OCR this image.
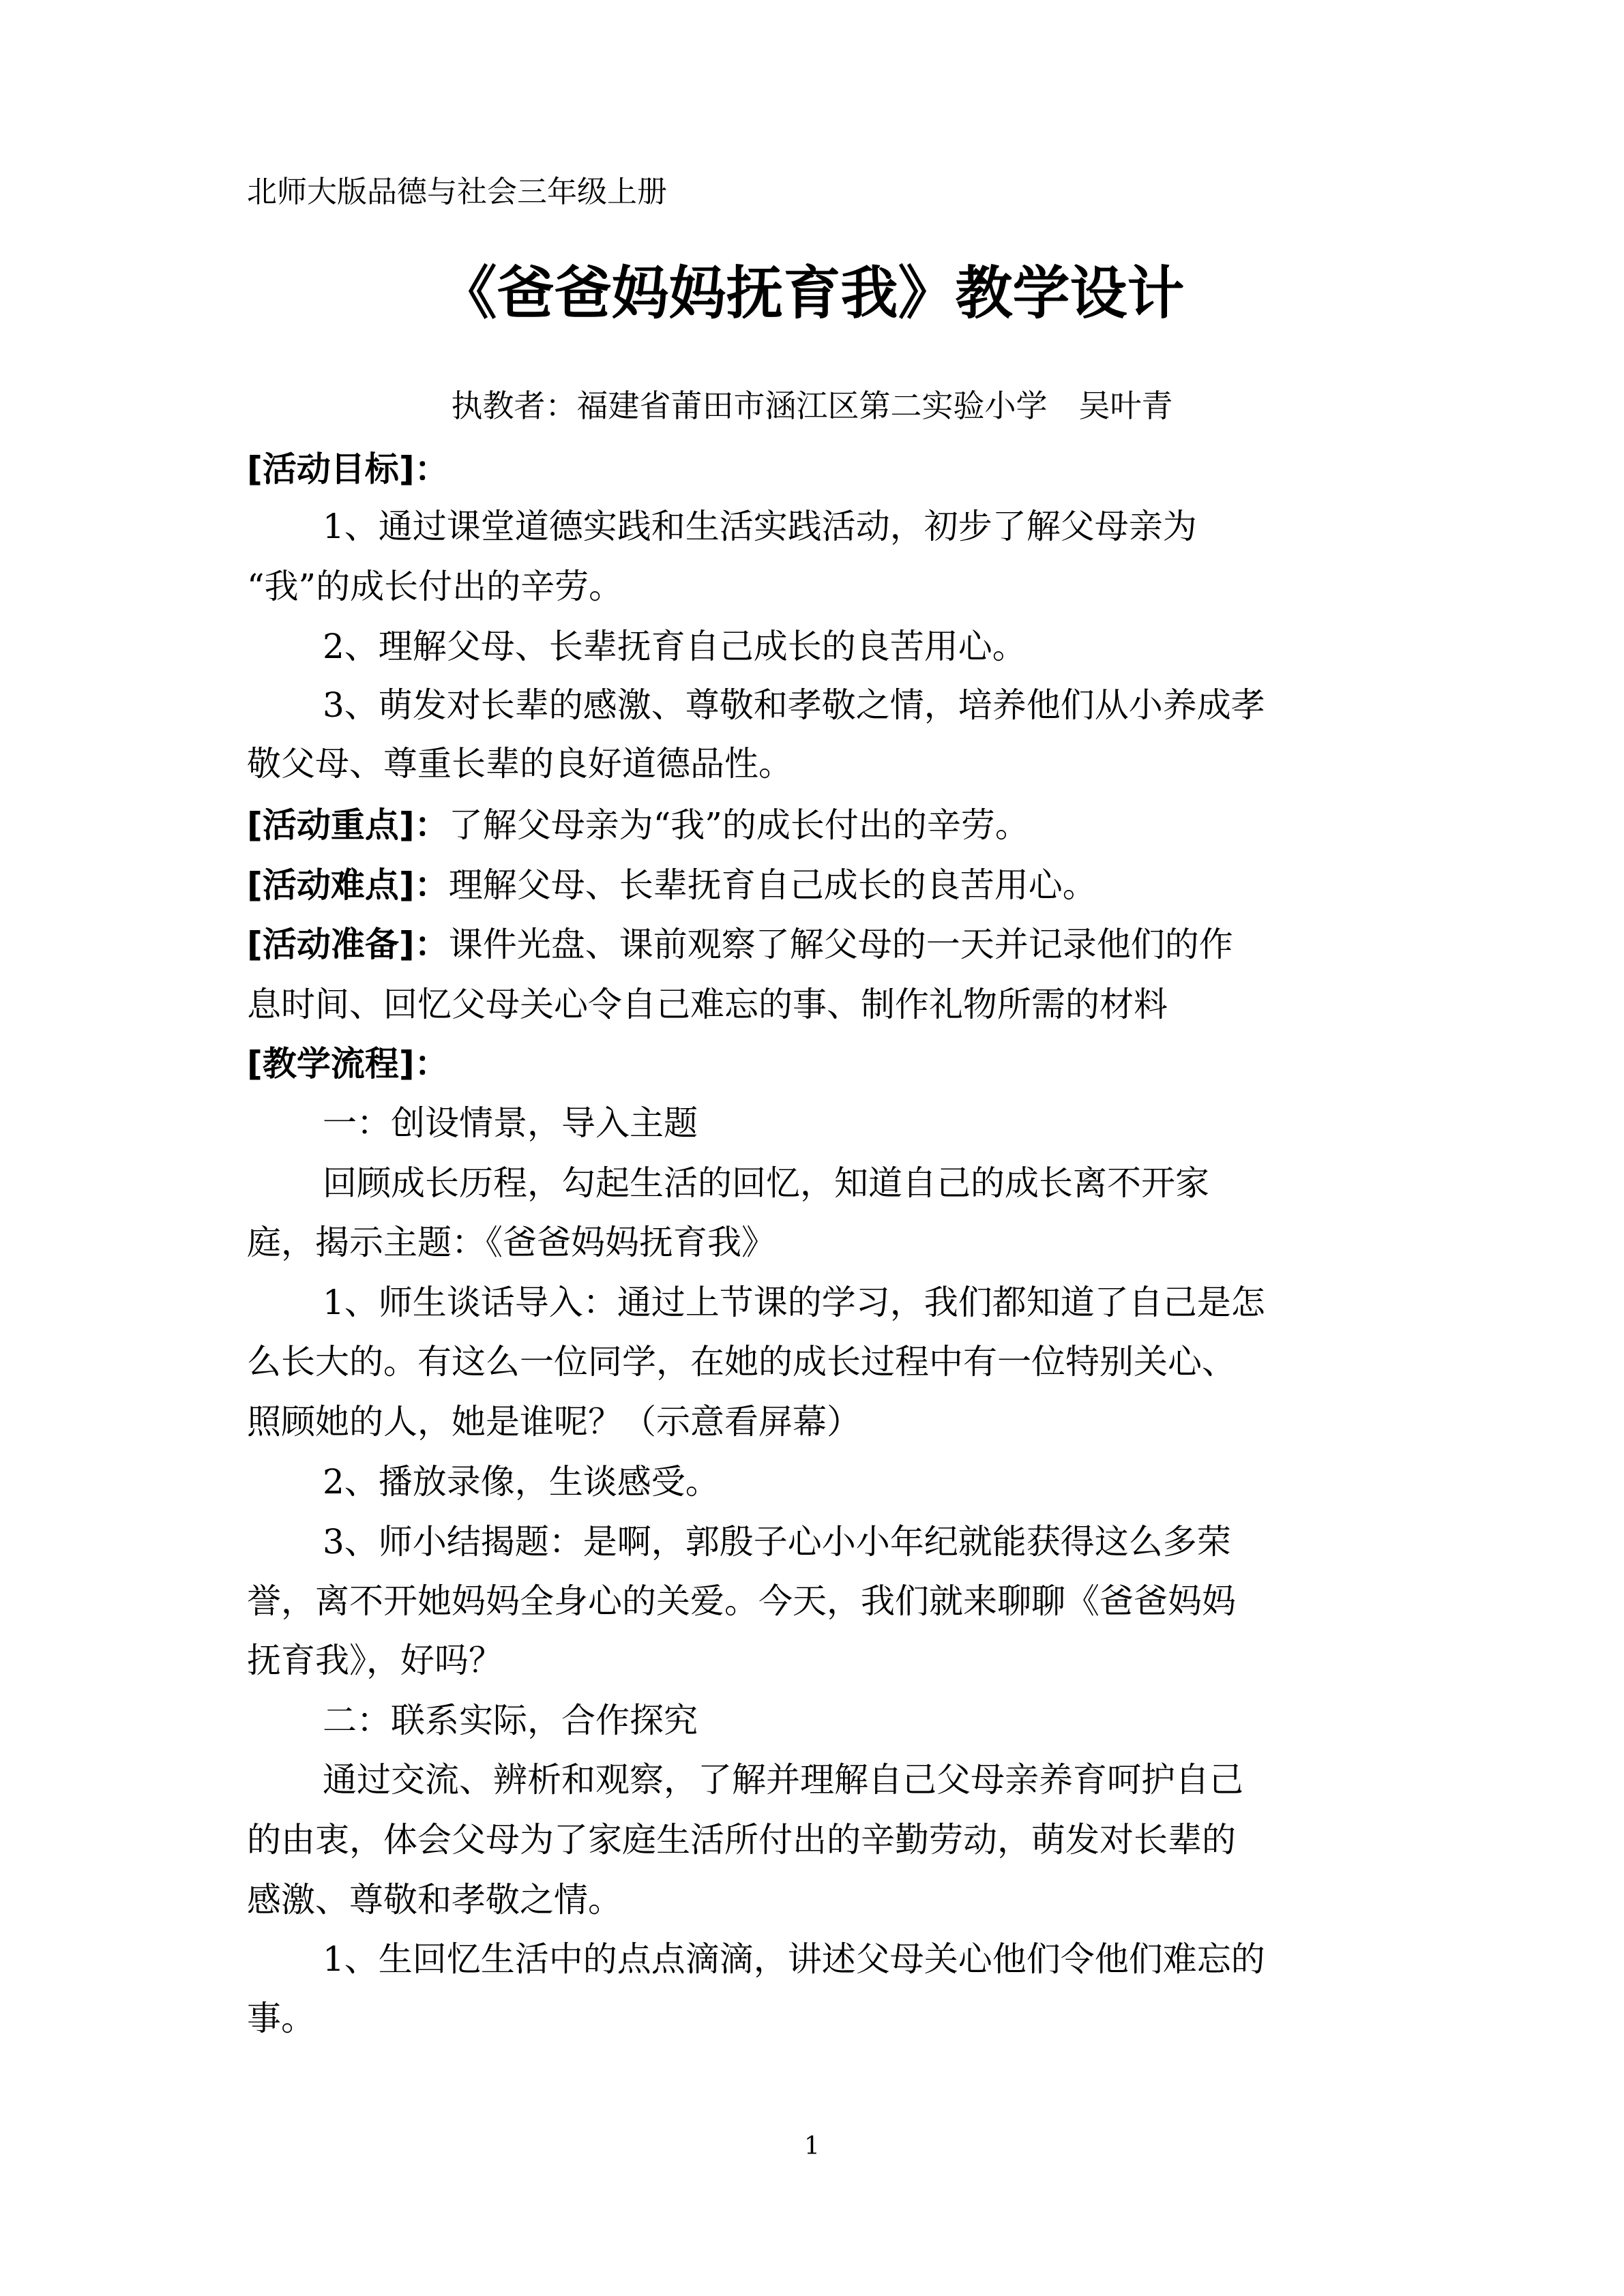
北师大版品德与社会三年级上册
《爸爸妈妈抚育我》教学设计
执教者：福建省莆田市涵江区第二实验小学　吴叶青
[活动目标]：
1、通过课堂道德实践和生活实践活动，初步了解父母亲为
“我”的成长付出的辛劳。
2、理解父母、长辈抚育自己成长的良苦用心。
3、萌发对长辈的感激、尊敬和孝敬之情，培养他们从小养成孝
敬父母、尊重长辈的良好道德品性。
[活动重点]：了解父母亲为“我”的成长付出的辛劳。
[活动难点]：理解父母、长辈抚育自己成长的良苦用心。
[活动准备]：课件光盘、课前观察了解父母的一天并记录他们的作
息时间、回忆父母关心令自己难忘的事、制作礼物所需的材料
[教学流程]：
一：创设情景，导入主题
回顾成长历程，勾起生活的回忆，知道自己的成长离不开家
庭，揭示主题：《爸爸妈妈抚育我》
1、师生谈话导入：通过上节课的学习，我们都知道了自己是怎
么长大的。有这么一位同学，在她的成长过程中有一位特别关心、
照顾她的人，她是谁呢？（示意看屏幕）
2、播放录像，生谈感受。
3、师小结揭题：是啊，郭殷子心小小年纪就能获得这么多荣
誉，离不开她妈妈全身心的关爱。今天，我们就来聊聊《爸爸妈妈
抚育我》，好吗？
二：联系实际，合作探究
通过交流、辨析和观察，了解并理解自己父母亲养育呵护自己
的由衷，体会父母为了家庭生活所付出的辛勤劳动，萌发对长辈的
感激、尊敬和孝敬之情。
1、生回忆生活中的点点滴滴，讲述父母关心他们令他们难忘的
事。
1
